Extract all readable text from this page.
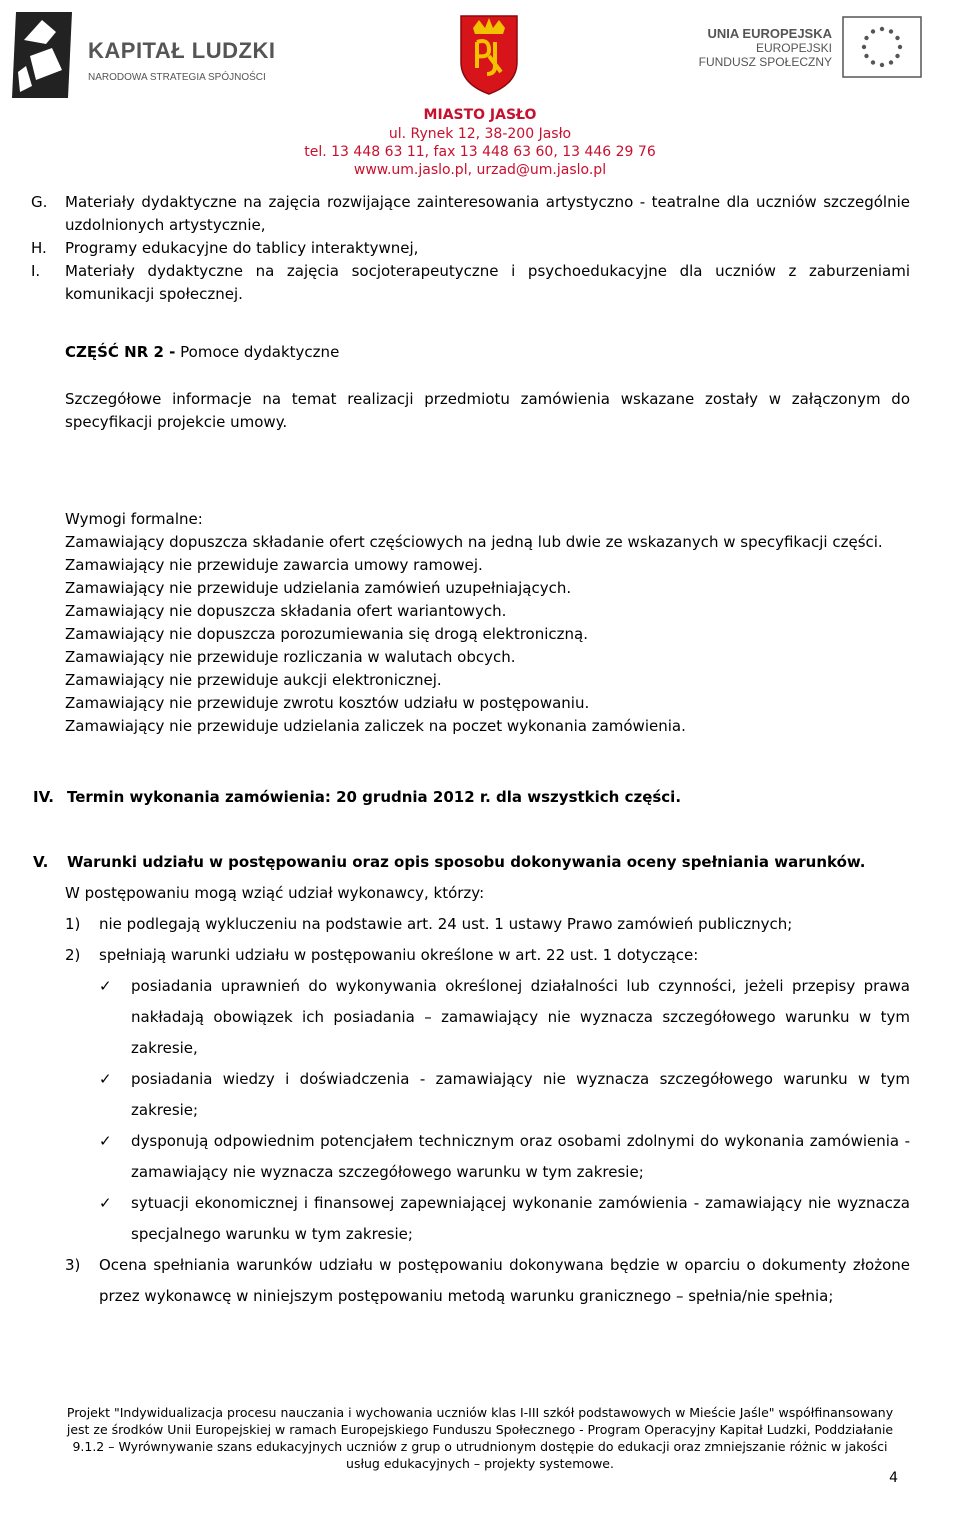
KAPITAŁ LUDZKI
NARODOWA STRATEGIA SPÓJNOŚCI
UNIA EUROPEJSKA
EUROPEJSKI
FUNDUSZ SPOŁECZNY
MIASTO JASŁO
ul. Rynek 12, 38-200 Jasło
tel. 13 448 63 11, fax 13 448 63 60, 13 446 29 76
www.um.jaslo.pl, urzad@um.jaslo.pl
G.	Materiały dydaktyczne na zajęcia rozwijające zainteresowania artystyczno - teatralne dla uczniów szczególnie uzdolnionych artystycznie,

H.	Programy edukacyjne do tablicy interaktywnej,

I.	Materiały dydaktyczne na zajęcia socjoterapeutyczne i psychoedukacyjne dla uczniów z zaburzeniami komunikacji społecznej.

CZĘŚĆ NR 2 - Pomoce dydaktyczne

Szczegółowe informacje na temat realizacji przedmiotu zamówienia wskazane zostały w załączonym do specyfikacji projekcie umowy.

Wymogi formalne:

Zamawiający dopuszcza składanie ofert częściowych na jedną lub dwie ze wskazanych w specyfikacji części.

Zamawiający nie przewiduje zawarcia umowy ramowej.

Zamawiający nie przewiduje udzielania zamówień uzupełniających.

Zamawiający nie dopuszcza składania ofert wariantowych.

Zamawiający nie dopuszcza porozumiewania się drogą elektroniczną.

Zamawiający nie przewiduje rozliczania w walutach obcych.

Zamawiający nie przewiduje aukcji elektronicznej.

Zamawiający nie przewiduje zwrotu kosztów udziału w postępowaniu.

Zamawiający nie przewiduje udzielania zaliczek na poczet wykonania zamówienia.

IV. Termin wykonania zamówienia: 20 grudnia 2012 r. dla wszystkich części.

V.	Warunki udziału w postępowaniu oraz opis sposobu dokonywania oceny spełniania warunków.

W postępowaniu mogą wziąć udział wykonawcy, którzy:

1)	nie podlegają wykluczeniu na podstawie art. 24 ust. 1 ustawy Prawo zamówień publicznych;

2)	spełniają warunki udziału w postępowaniu określone w art. 22 ust. 1 dotyczące:

✓	posiadania uprawnień do wykonywania określonej działalności lub czynności, jeżeli przepisy prawa nakładają obowiązek ich posiadania – zamawiający nie wyznacza szczegółowego warunku w tym zakresie,

✓	posiadania wiedzy i doświadczenia - zamawiający nie wyznacza szczegółowego warunku w tym zakresie;

✓	dysponują odpowiednim potencjałem technicznym oraz osobami zdolnymi do wykonania zamówienia - zamawiający nie wyznacza szczegółowego warunku w tym zakresie;

✓	sytuacji ekonomicznej i finansowej zapewniającej wykonanie zamówienia - zamawiający nie wyznacza specjalnego warunku w tym zakresie;

3)	Ocena spełniania warunków udziału w postępowaniu dokonywana będzie w oparciu o dokumenty złożone przez wykonawcę w niniejszym postępowaniu metodą warunku granicznego – spełnia/nie spełnia;

Projekt "Indywidualizacja procesu nauczania i wychowania uczniów klas I-III szkół podstawowych w Mieście Jaśle" współfinansowany
jest ze środków Unii Europejskiej w ramach Europejskiego Funduszu Społecznego - Program Operacyjny Kapitał Ludzki, Poddziałanie
9.1.2 – Wyrównywanie szans edukacyjnych uczniów z grup o utrudnionym dostępie do edukacji oraz zmniejszanie różnic w jakości
usług edukacyjnych – projekty systemowe.
4
